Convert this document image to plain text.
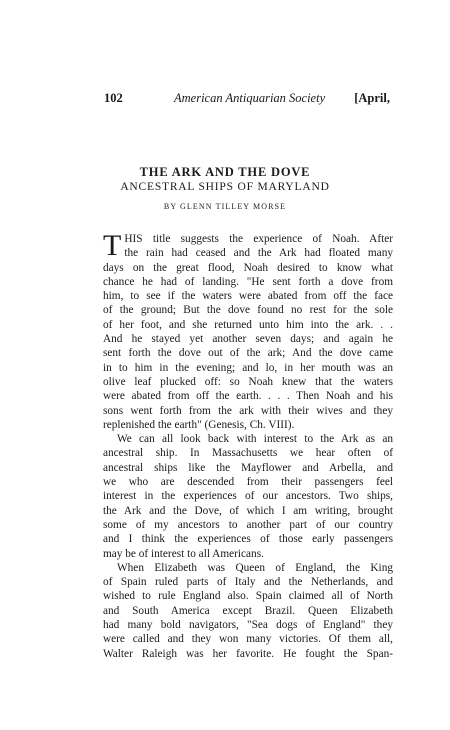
102	American Antiquarian Society [April,
THE ARK AND THE DOVE
ANCESTRAL SHIPS OF MARYLAND
BY GLENN TILLEY MORSE
T HIS title suggests the experience of Noah. After
the rain had ceased and the Ark had floated many
days on the great flood, Noah desired to know what
chance he had of landing. "He sent forth a dove from
him, to see if the waters were abated from off the face
of the ground; But the dove found no rest for the sole
of her foot, and she returned unto him into the ark. . .
And he stayed yet another seven days; and again he
sent forth the dove out of the ark; And the dove came
in to him in the evening; and lo, in her mouth was an
olive leaf plucked off: so Noah knew that the waters
were abated from off the earth. . . . Then Noah and his
sons went forth from the ark with their wives and they
replenished the earth" (Genesis, Ch. VIII).
We can all look back with interest to the Ark as an
ancestral ship. In Massachusetts we hear often of
ancestral ships like the Mayflower and Arbella, and
we who are descended from their passengers feel
interest in the experiences of our ancestors. Two ships,
the Ark and the Dove, of which I am writing, brought
some of my ancestors to another part of our country
and I think the experiences of those early passengers
may be of interest to all Americans.
When Elizabeth was Queen of England, the King
of Spain ruled parts of Italy and the Netherlands, and
wished to rule England also. Spain claimed all of North
and South America except Brazil. Queen Elizabeth
had many bold navigators, "Sea dogs of England" they
were called and they won many victories. Of them all,
Walter Raleigh was her favorite. He fought the Span-
